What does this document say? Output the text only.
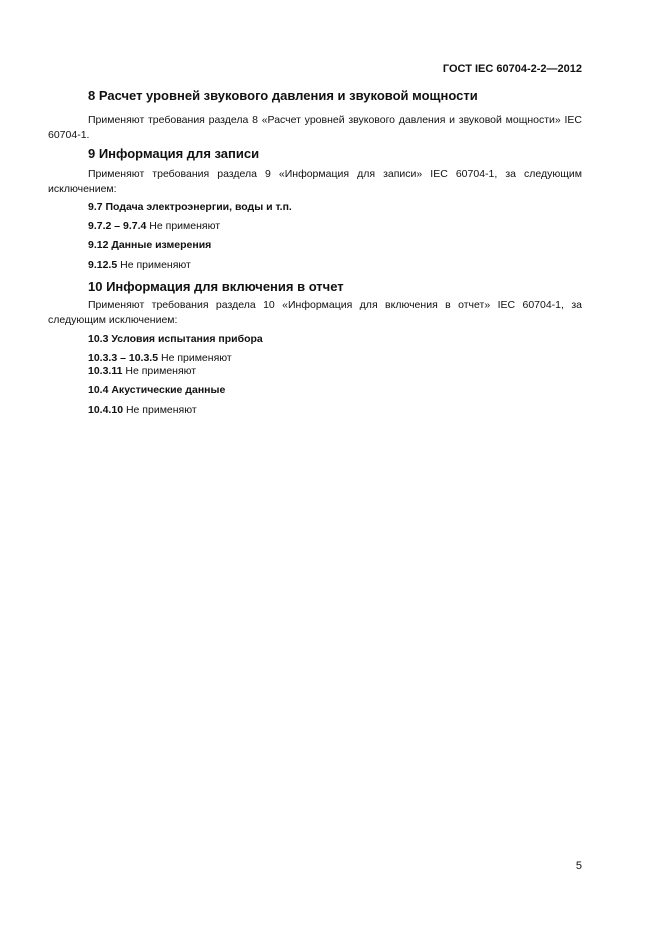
ГОСТ IEC 60704-2-2—2012
8 Расчет уровней звукового давления и звуковой мощности
Применяют требования раздела 8 «Расчет уровней звукового давления и звуковой мощности» IEC 60704-1.
9 Информация для записи
Применяют требования раздела 9 «Информация для записи» IEC 60704-1, за следующим исключением:
9.7 Подача электроэнергии, воды и т.п.
9.7.2 – 9.7.4 Не применяют
9.12 Данные измерения
9.12.5 Не применяют
10 Информация для включения в отчет
Применяют требования раздела 10 «Информация для включения в отчет» IEC 60704-1, за следующим исключением:
10.3 Условия испытания прибора
10.3.3 – 10.3.5 Не применяют
10.3.11 Не применяют
10.4 Акустические данные
10.4.10 Не применяют
5
